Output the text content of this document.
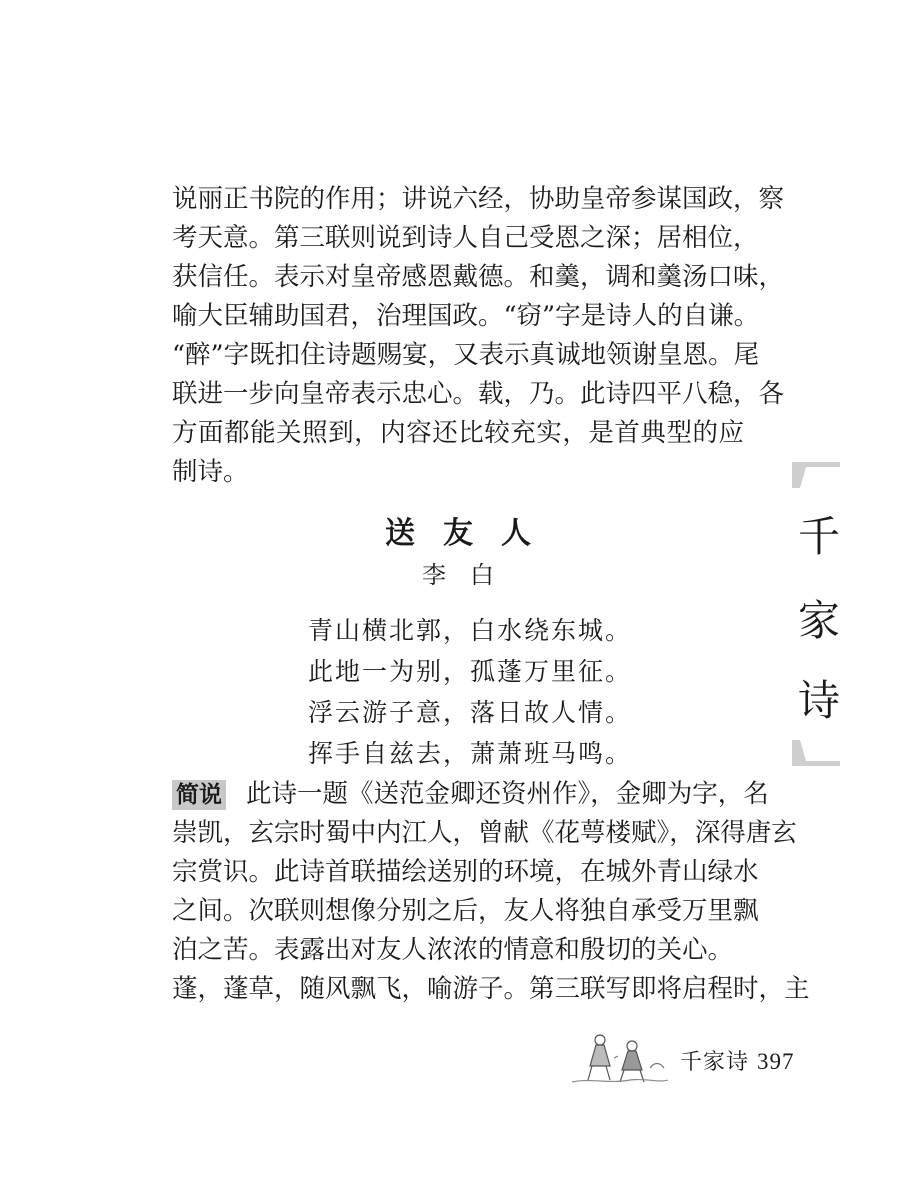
说丽正书院的作用；讲说六经，协助皇帝参谋国政，察
考天意。第三联则说到诗人自己受恩之深；居相位，
获信任。表示对皇帝感恩戴德。和羹，调和羹汤口味，
喻大臣辅助国君，治理国政。“窃”字是诗人的自谦。
“醉”字既扣住诗题赐宴，又表示真诚地领谢皇恩。尾
联进一步向皇帝表示忠心。载，乃。此诗四平八稳，各
方面都能关照到，内容还比较充实，是首典型的应
制诗。
送友人
李白
青山横北郭，白水绕东城。
此地一为别，孤蓬万里征。
浮云游子意，落日故人情。
挥手自兹去，萧萧班马鸣。
简说 此诗一题《送范金卿还资州作》，金卿为字，名
崇凯，玄宗时蜀中内江人，曾献《花萼楼赋》，深得唐玄
宗赏识。此诗首联描绘送别的环境，在城外青山绿水
之间。次联则想像分别之后，友人将独自承受万里飘
泊之苦。表露出对友人浓浓的情意和殷切的关心。
蓬，蓬草，随风飘飞，喻游子。第三联写即将启程时，主
千
家
诗
千家诗 397
